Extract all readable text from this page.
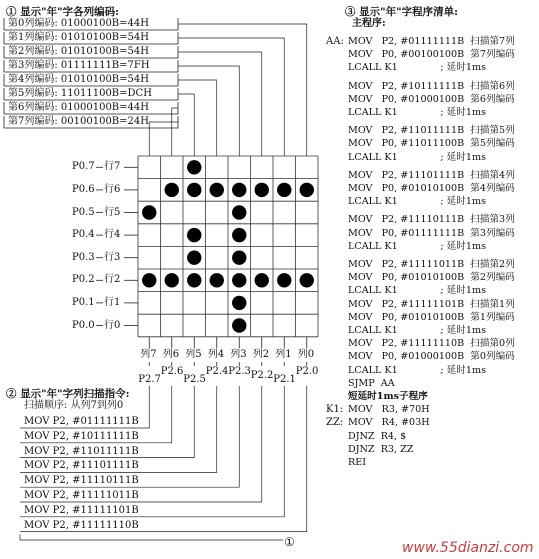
① 显示"年"字各列编码:
第0列编码: 01000100B=44H
第1列编码: 01010100B=54H
第2列编码: 01010100B=54H
第3列编码: 01111111B=7FH
第4列编码: 01010100B=54H
第5列编码: 11011100B=DCH
第6列编码: 01000100B=44H
第7列编码: 00100100B=24H
P0.7 行7
P0.6 行6
P0.5 行5
P0.4 行4
P0.3 行3
P0.2 行2
P0.1 行1
P0.0 行0
列7 列6 列5 列4 列3 列2 列1 列0
P2.7
P2.6
P2.5
P2.4 P2.3 P2.2 P2.1
P2.0
①
② 显示"年"字列扫描指令:
扫描顺序: 从列7到列0
MOV P2, #01111111B
MOV P2, #10111111B
MOV P2, #11011111B
MOV P2, #11101111B
MOV P2, #11110111B
MOV P2, #11111011B
MOV P2, #11111101B
MOV P2, #11111110B
③ 显示"年"字程序清单:
主程序:
AA: MOV   P2, #01111111B  扫描第7列
MOV   P0, #00100100B  第7列编码
LCALL K1              ; 延时1ms
MOV   P2, #10111111B  扫描第6列
MOV   P0, #01000100B  第6列编码
LCALL K1              ; 延时1ms
MOV   P2, #11011111B  扫描第5列
MOV   P0, #11011100B  第5列编码
LCALL K1              ; 延时1ms
MOV   P2, #11101111B  扫描第4列
MOV   P0, #01010100B  第4列编码
LCALL K1              ; 延时1ms
MOV   P2, #11110111B  扫描第3列
MOV   P0, #01111111B  第3列编码
LCALL K1              ; 延时1ms
MOV   P2, #11111011B  扫描第2列
MOV   P0, #01010100B  第2列编码
LCALL K1              ; 延时1ms
MOV   P2, #11111101B  扫描第1列
MOV   P0, #01010100B  第1列编码
LCALL K1              ; 延时1ms
MOV   P2, #11111110B  扫描第0列
MOV   P0, #01000100B  第0列编码
LCALL K1              ; 延时1ms
SJMP  AA
短延时1ms子程序
K1: MOV   R3, #70H
ZZ: MOV   R4, #03H
DJNZ  R4, $
DJNZ  R3, ZZ
REI
www.55dianzi.com
